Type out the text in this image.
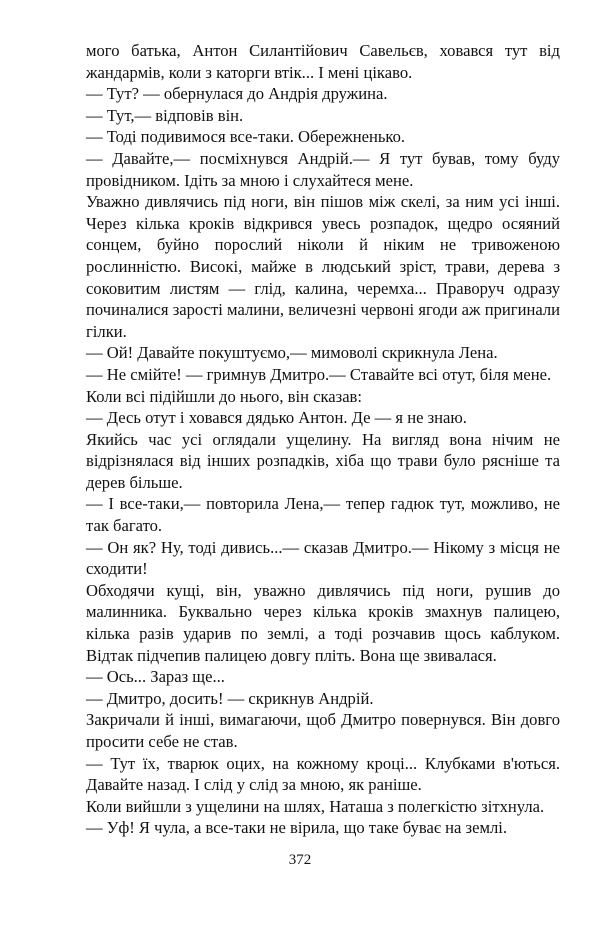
мого батька, Антон Силантійович Савельєв, ховався тут від жандармів, коли з каторги втік... І мені цікаво.

— Тут? — обернулася до Андрія дружина.

— Тут,— відповів він.

— Тоді подивимося все-таки. Обережненько.

— Давайте,— посміхнувся Андрій.— Я тут бував, тому буду провідником. Ідіть за мною і слухайтеся мене.

Уважно дивлячись під ноги, він пішов між скелі, за ним усі інші. Через кілька кроків відкрився увесь розпадок, щедро осяяний сонцем, буйно порослий ніколи й ніким не тривоженою рослинністю. Високі, майже в людський зріст, трави, дерева з соковитим листям — глід, калина, черемха... Праворуч одразу починалися зарості малини, величезні червоні ягоди аж пригинали гілки.

— Ой! Давайте покуштуємо,— мимоволі скрикнула Лена.

— Не смійте! — гримнув Дмитро.— Ставайте всі отут, біля мене.

Коли всі підійшли до нього, він сказав:

— Десь отут і ховався дядько Антон. Де — я не знаю.

Якийсь час усі оглядали ущелину. На вигляд вона нічим не відрізнялася від інших розпадків, хіба що трави було рясніше та дерев більше.

— І все-таки,— повторила Лена,— тепер гадюк тут, можливо, не так багато.

— Он як? Ну, тоді дивись...— сказав Дмитро.— Нікому з місця не сходити!

Обходячи кущі, він, уважно дивлячись під ноги, рушив до малинника. Буквально через кілька кроків змахнув палицею, кілька разів ударив по землі, а тоді розчавив щось каблуком. Відтак підчепив палицею довгу пліть. Вона ще звивалася.

— Ось... Зараз ще...

— Дмитро, досить! — скрикнув Андрій.

Закричали й інші, вимагаючи, щоб Дмитро повернувся. Він довго просити себе не став.

— Тут їх, тварюк оцих, на кожному кроці... Клубками в'ються. Давайте назад. І слід у слід за мною, як раніше.

Коли вийшли з ущелини на шлях, Наташа з полегкістю зітхнула.

— Уф! Я чула, а все-таки не вірила, що таке буває на землі.

372
